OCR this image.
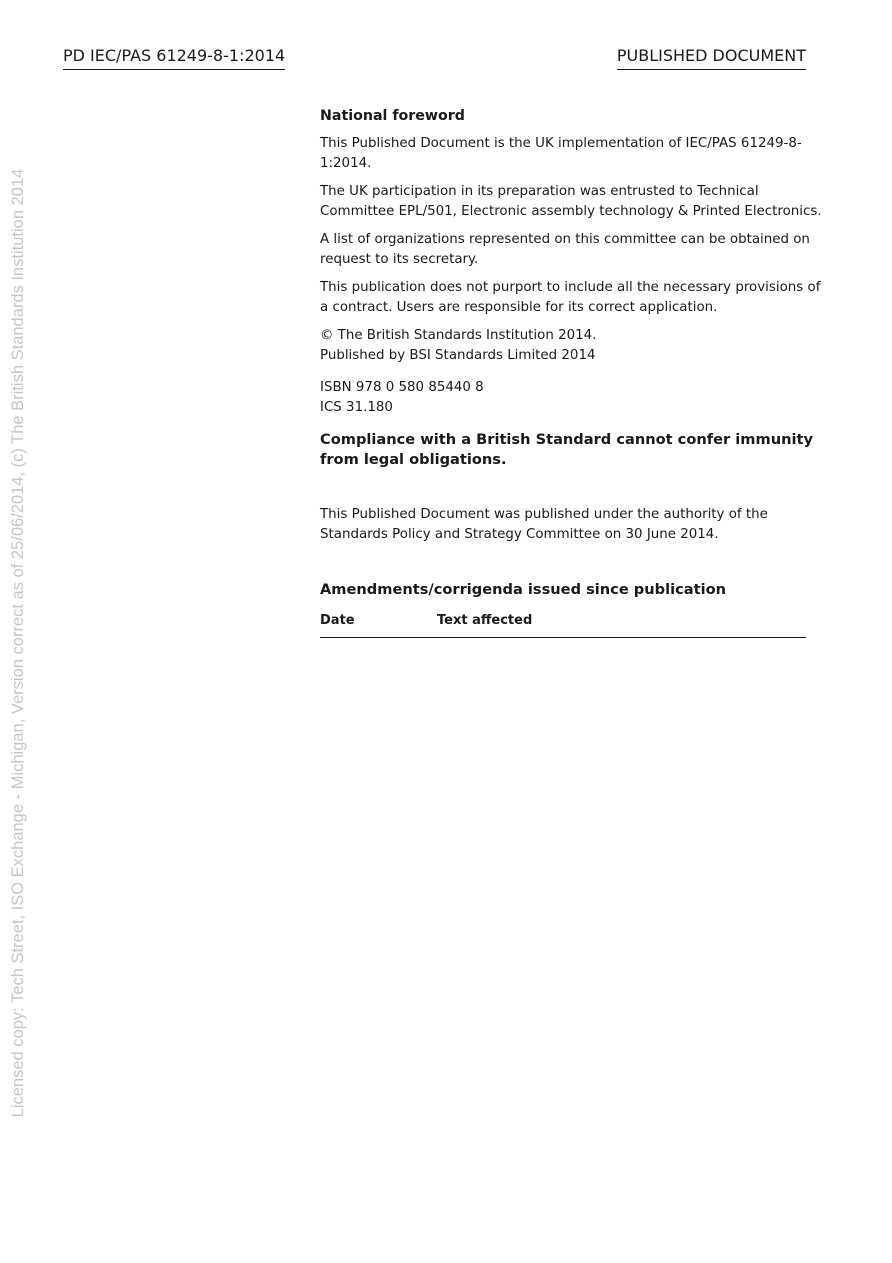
PD IEC/PAS 61249-8-1:2014	PUBLISHED DOCUMENT
Licensed copy: Tech Street, ISO Exchange - Michigan, Version correct as of 25/06/2014, (c) The British Standards Institution 2014

National foreword

This Published Document is the UK implementation of IEC/PAS 61249-8-1:2014.

The UK participation in its preparation was entrusted to Technical Committee EPL/501, Electronic assembly technology & Printed Electronics.

A list of organizations represented on this committee can be obtained on request to its secretary.

This publication does not purport to include all the necessary provisions of a contract. Users are responsible for its correct application.

© The British Standards Institution 2014.

Published by BSI Standards Limited 2014

ISBN 978 0 580 85440 8

ICS 31.180

Compliance with a British Standard cannot confer immunity from legal obligations.

This Published Document was published under the authority of the Standards Policy and Strategy Committee on 30 June 2014.

Amendments/corrigenda issued since publication

Date	Text affected
